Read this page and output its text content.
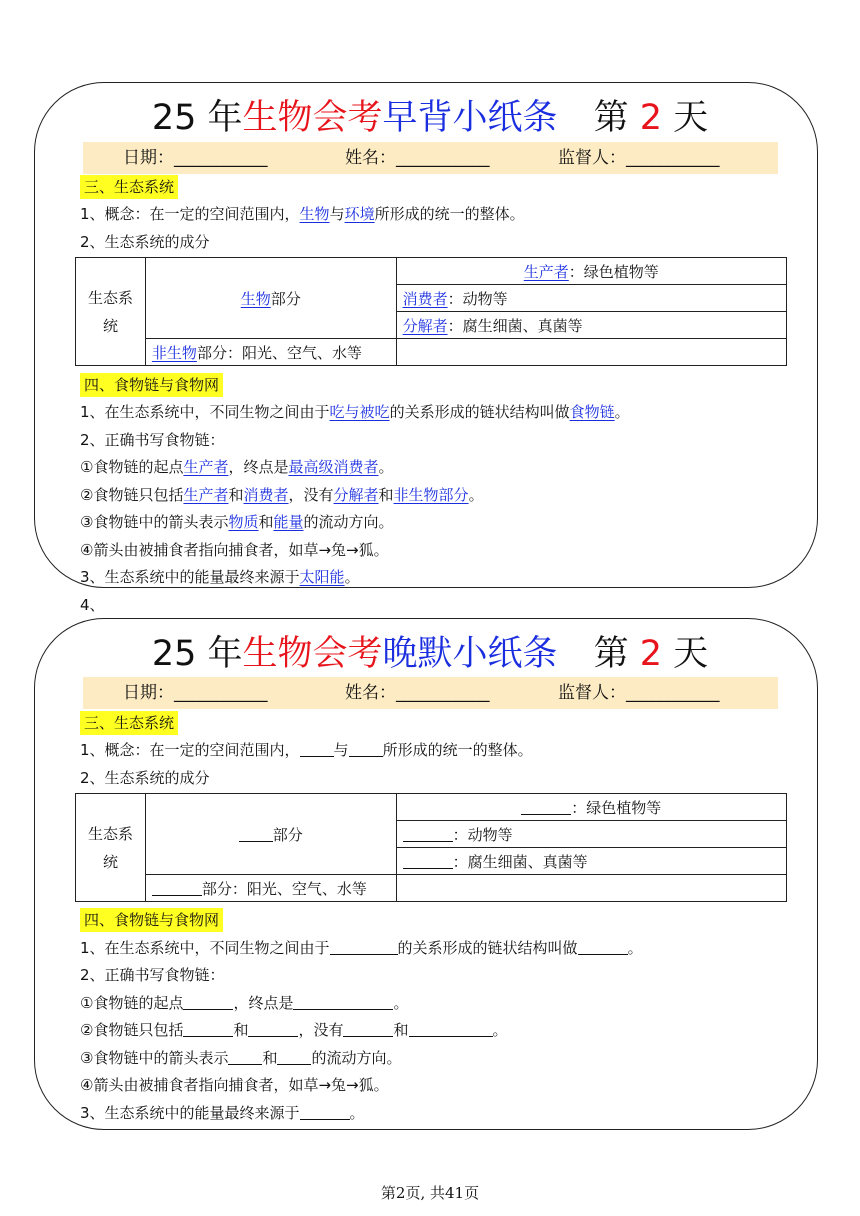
25 年生物会考早背小纸条 第 2 天
日期：___________	姓名：___________	监督人：___________
三、生态系统
1、概念：在一定的空间范围内，生物与环境所形成的统一的整体。
2、生态系统的成分
生态系统	生物部分	生产者：绿色植物等
		消费者：动物等
		分解者：腐生细菌、真菌等
	非生物部分：阳光、空气、水等	
四、食物链与食物网
1、在生态系统中，不同生物之间由于吃与被吃的关系形成的链状结构叫做食物链。
2、正确书写食物链：
①食物链的起点生产者，终点是最高级消费者。
②食物链只包括生产者和消费者，没有分解者和非生物部分。
③食物链中的箭头表示物质和能量的流动方向。
④箭头由被捕食者指向捕食者，如草→兔→狐。
3、生态系统中的能量最终来源于太阳能。
4、
25 年生物会考晚默小纸条 第 2 天
日期：___________	姓名：___________	监督人：___________
三、生态系统
1、概念：在一定的空间范围内， 与 所形成的统一的整体。
2、生态系统的成分
生态系统	部分	：绿色植物等
		：动物等
		：腐生细菌、真菌等
	部分：阳光、空气、水等	
四、食物链与食物网
1、在生态系统中，不同生物之间由于	的关系形成的链状结构叫做	。
2、正确书写食物链：
①食物链的起点	，终点是	。
②食物链只包括	和	，没有	和	。
③食物链中的箭头表示 和 的流动方向。
④箭头由被捕食者指向捕食者，如草→兔→狐。
3、生态系统中的能量最终来源于	。
第2页, 共41页
